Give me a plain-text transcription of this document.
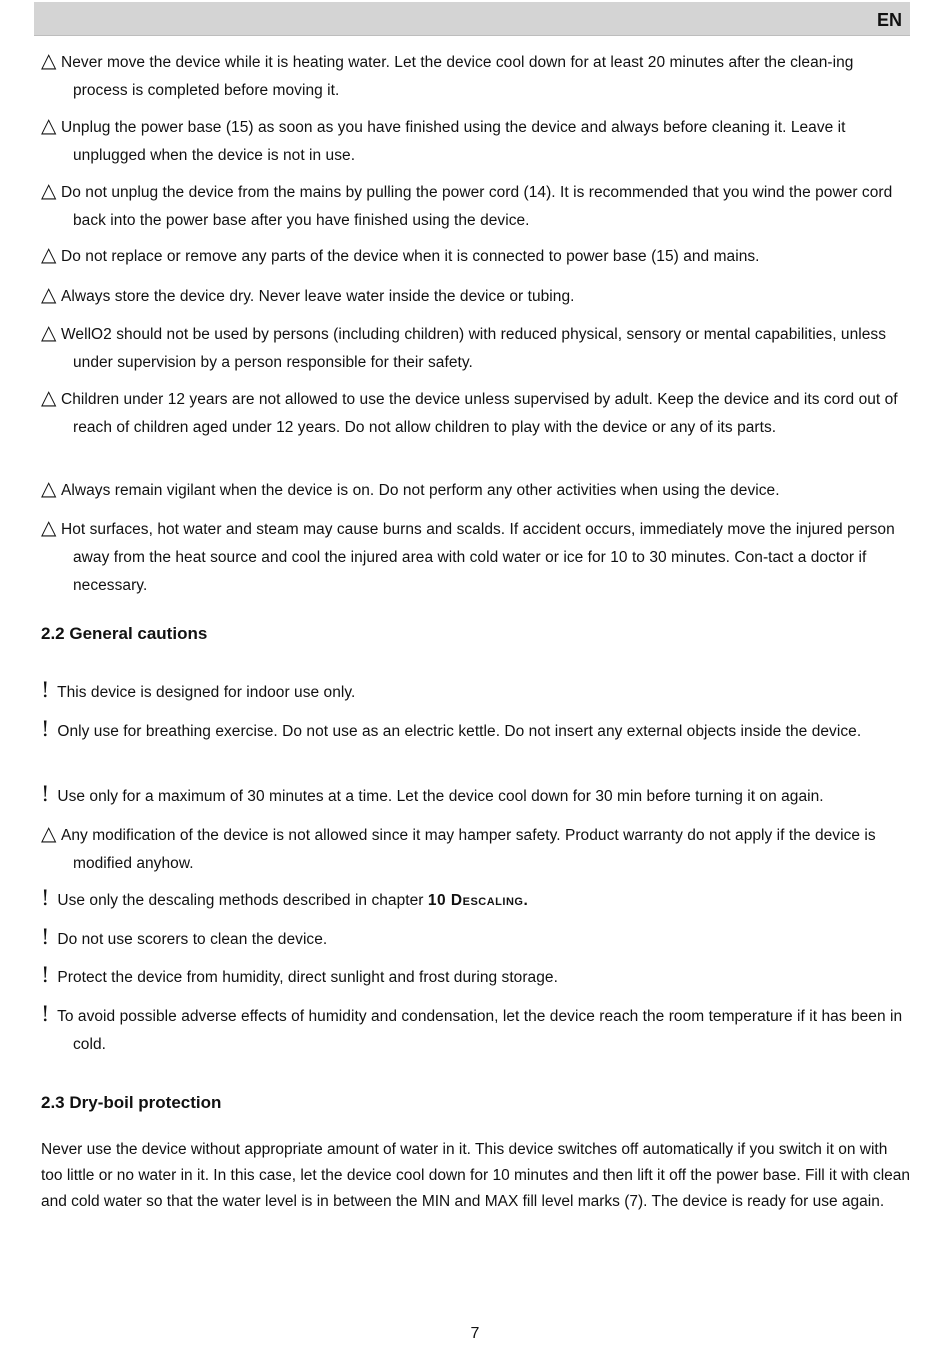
EN
△ Never move the device while it is heating water. Let the device cool down for at least 20 minutes after the clean-ing process is completed before moving it.
△ Unplug the power base (15) as soon as you have finished using the device and always before cleaning it. Leave it unplugged when the device is not in use.
△ Do not unplug the device from the mains by pulling the power cord (14). It is recommended that you wind the power cord back into the power base after you have finished using the device.
△ Do not replace or remove any parts of the device when it is connected to power base (15) and mains.
△ Always store the device dry. Never leave water inside the device or tubing.
△ WellO2 should not be used by persons (including children) with reduced physical, sensory or mental capabilities, unless under supervision by a person responsible for their safety.
△ Children under 12 years are not allowed to use the device unless supervised by adult. Keep the device and its cord out of reach of children aged under 12 years. Do not allow children to play with the device or any of its parts.
△ Always remain vigilant when the device is on. Do not perform any other activities when using the device.
△ Hot surfaces, hot water and steam may cause burns and scalds. If accident occurs, immediately move the injured person away from the heat source and cool the injured area with cold water or ice for 10 to 30 minutes. Con-tact a doctor if necessary.
2.2 General cautions
! This device is designed for indoor use only.
! Only use for breathing exercise. Do not use as an electric kettle. Do not insert any external objects inside the device.
! Use only for a maximum of 30 minutes at a time. Let the device cool down for 30 min before turning it on again.
△ Any modification of the device is not allowed since it may hamper safety. Product warranty do not apply if the device is modified anyhow.
! Use only the descaling methods described in chapter 10 Descaling.
! Do not use scorers to clean the device.
! Protect the device from humidity, direct sunlight and frost during storage.
! To avoid possible adverse effects of humidity and condensation, let the device reach the room temperature if it has been in cold.
2.3 Dry-boil protection
Never use the device without appropriate amount of water in it. This device switches off automatically if you switch it on with too little or no water in it. In this case, let the device cool down for 10 minutes and then lift it off the power base. Fill it with clean and cold water so that the water level is in between the MIN and MAX fill level marks (7). The device is ready for use again.
7
